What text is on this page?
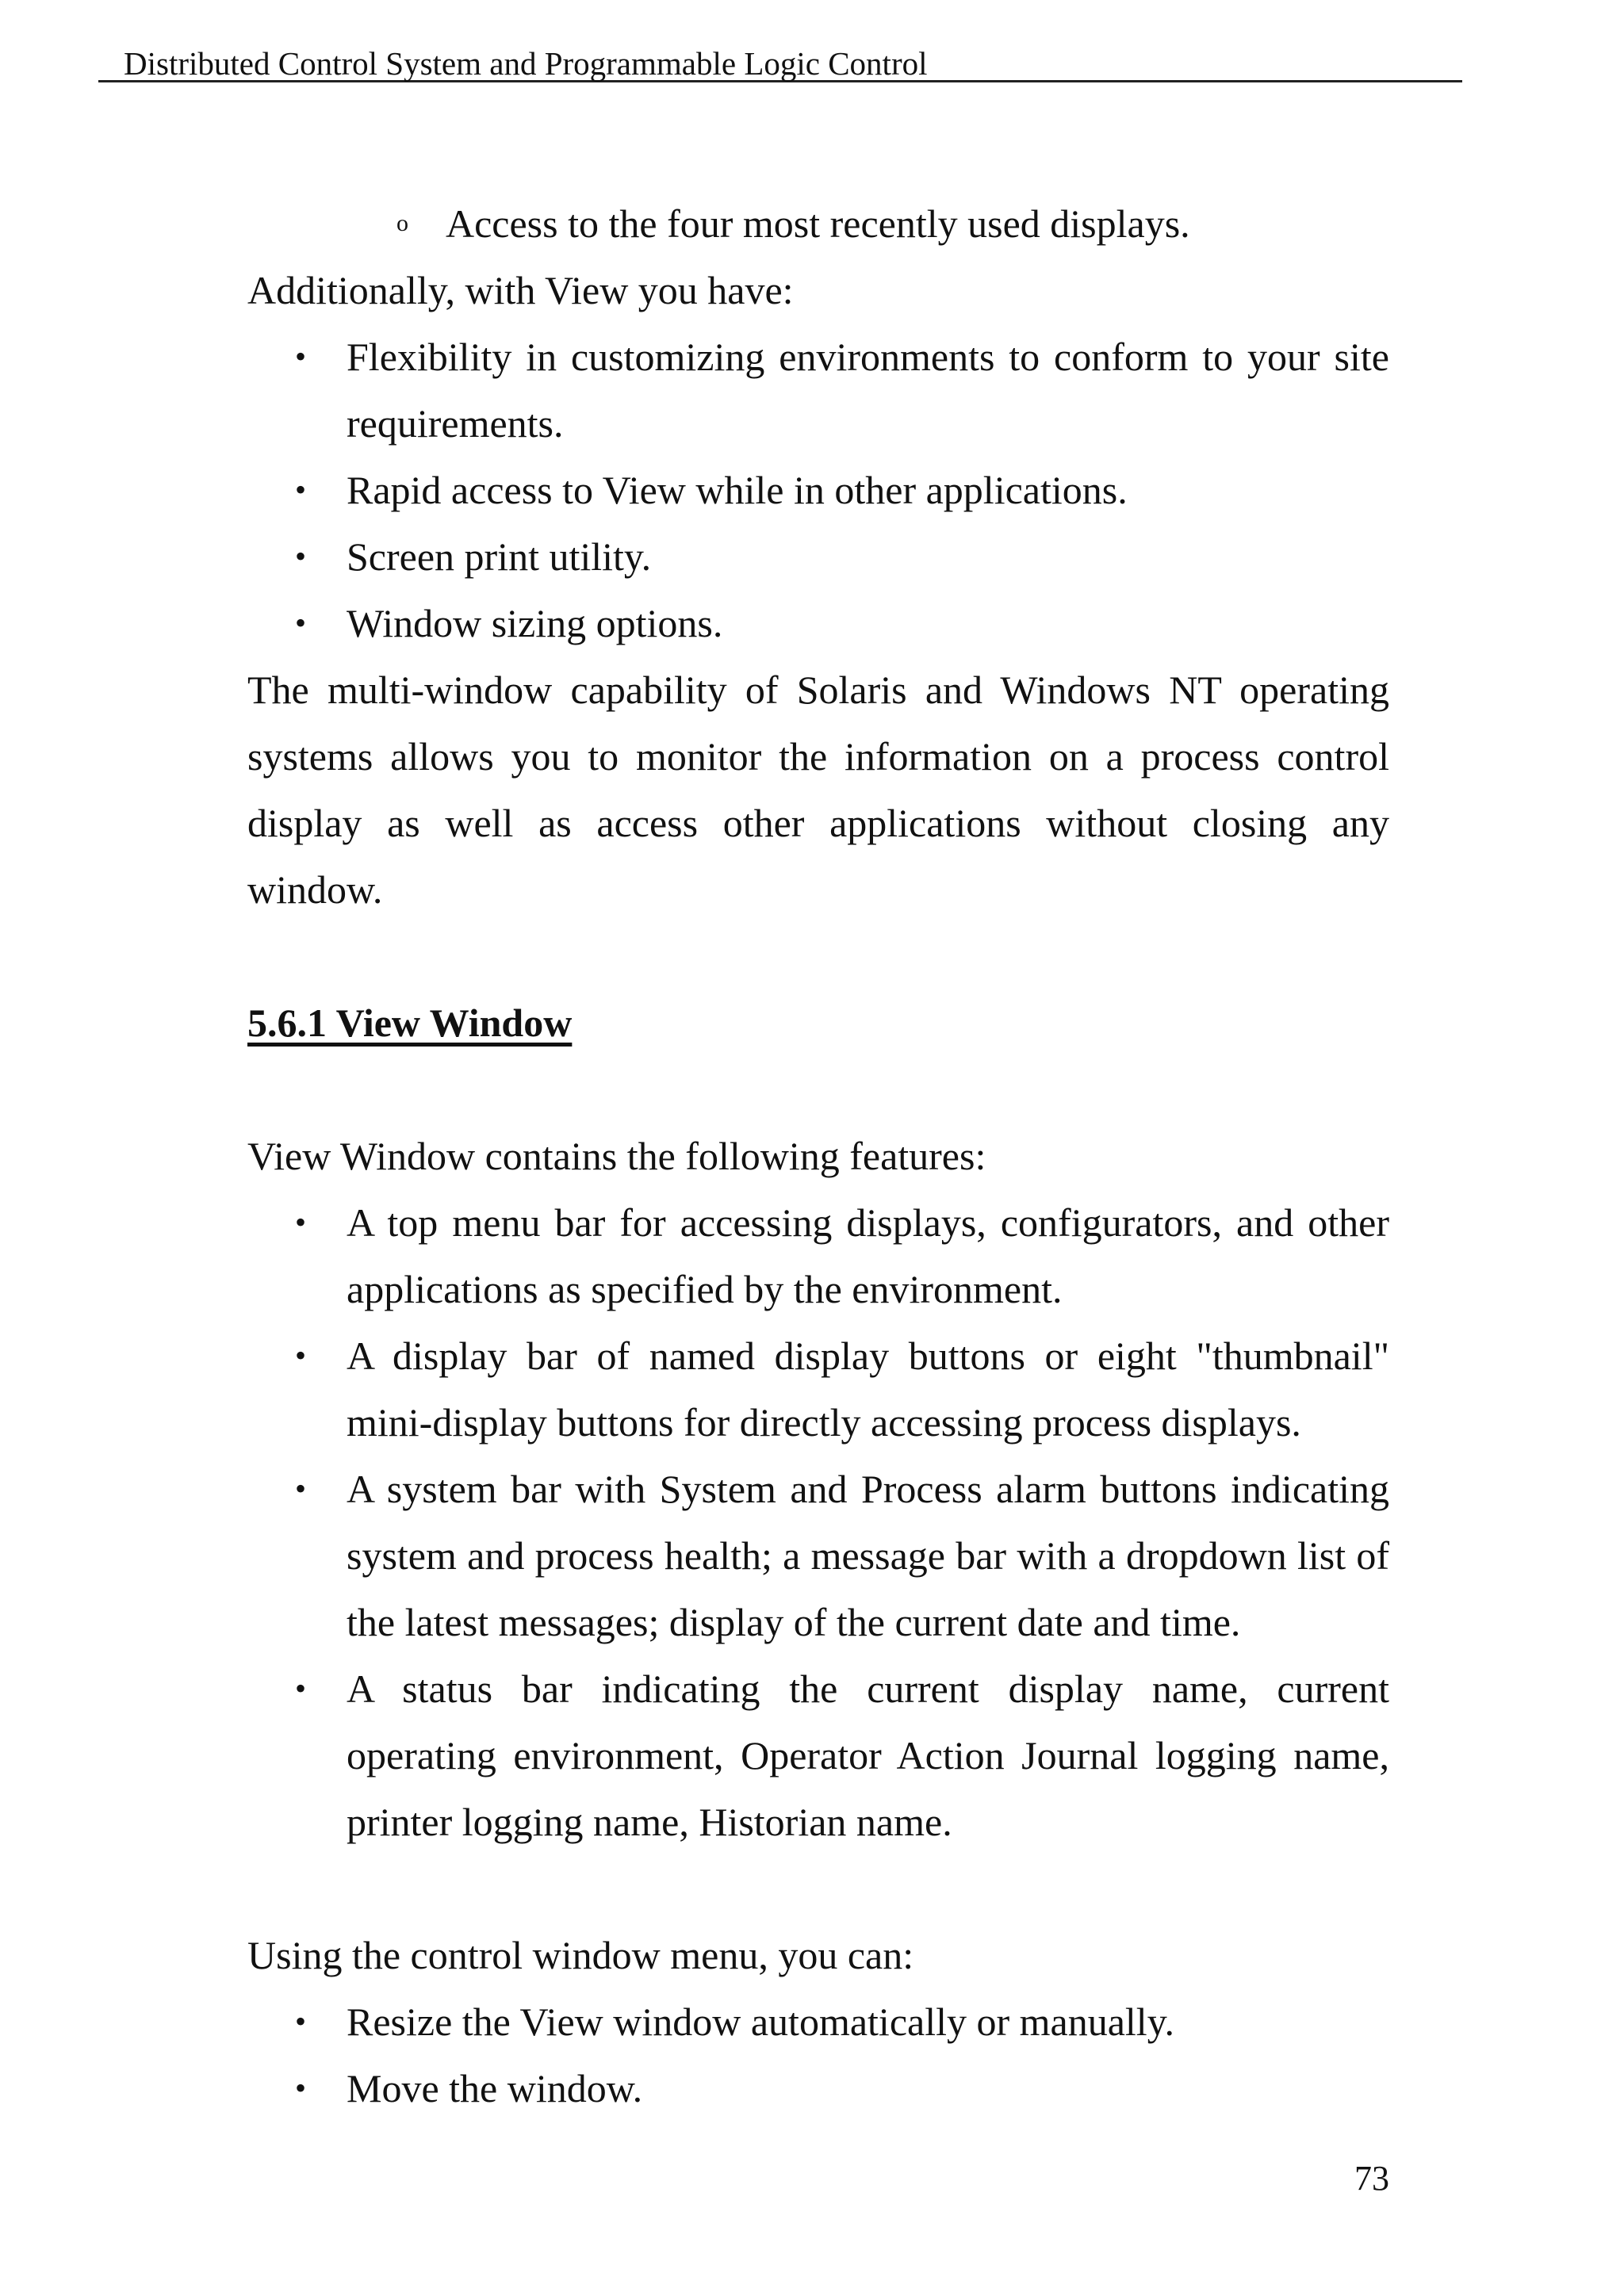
Distributed Control System and Programmable Logic Control

o Access to the four most recently used displays.

Additionally, with View you have:

• Flexibility in customizing environments to conform to your site requirements.
• Rapid access to View while in other applications.
• Screen print utility.
• Window sizing options.

The multi-window capability of Solaris and Windows NT operating systems allows you to monitor the information on a process control display as well as access other applications without closing any window.

5.6.1 View Window

View Window contains the following features:

• A top menu bar for accessing displays, configurators, and other applications as specified by the environment.
• A display bar of named display buttons or eight "thumbnail" mini-display buttons for directly accessing process displays.
• A system bar with System and Process alarm buttons indicating system and process health; a message bar with a dropdown list of the latest messages; display of the current date and time.
• A status bar indicating the current display name, current operating environment, Operator Action Journal logging name, printer logging name, Historian name.

Using the control window menu, you can:

• Resize the View window automatically or manually.
• Move the window.
73
